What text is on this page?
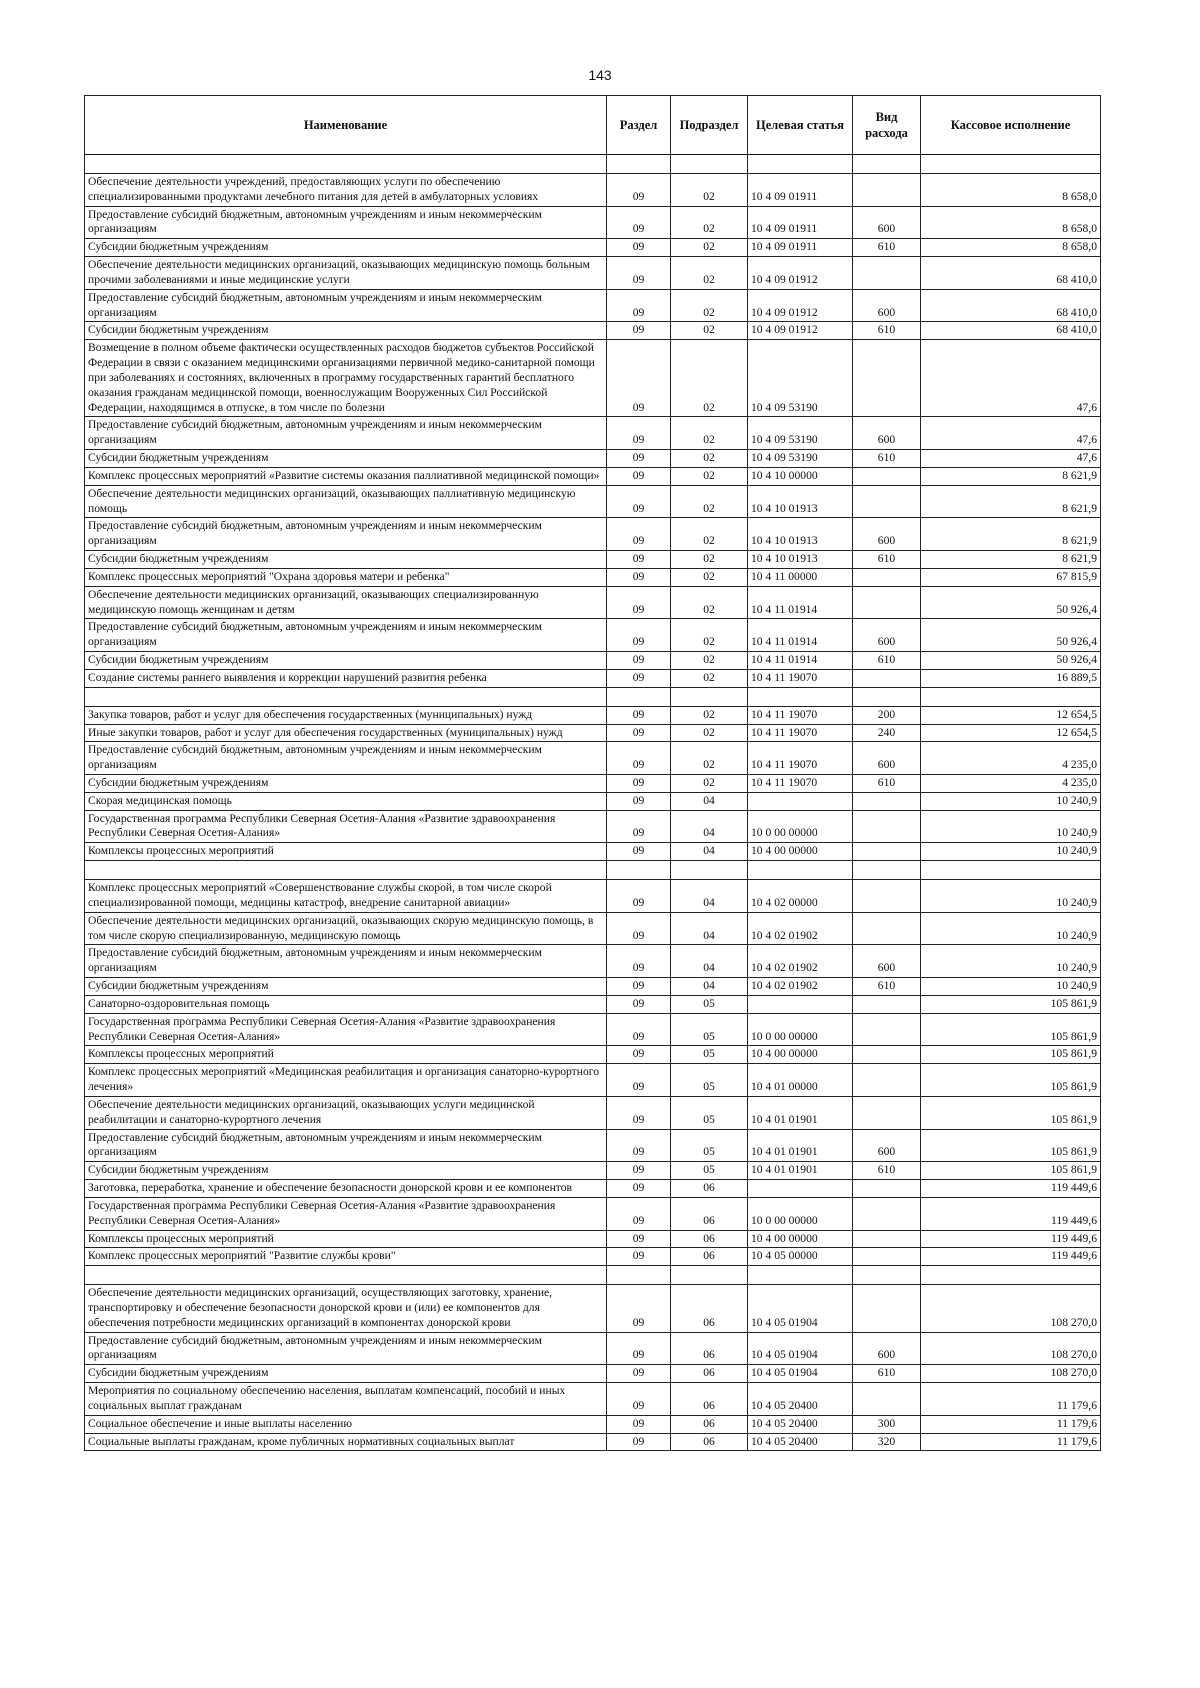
143
Наименование	Раздел	Подраздел	Целевая статья	Вид расхода	Кассовое исполнение

Обеспечение деятельности учреждений, предоставляющих услуги по обеспечению специализированными продуктами лечебного питания для детей в амбулаторных условиях	09	02	10 4 09 01911		8 658,0
Предоставление субсидий бюджетным, автономным учреждениям и иным некоммерческим организациям	09	02	10 4 09 01911	600	8 658,0
Субсидии бюджетным учреждениям	09	02	10 4 09 01911	610	8 658,0
Обеспечение деятельности медицинских организаций, оказывающих медицинскую помощь больным прочими заболеваниями и иные медицинские услуги	09	02	10 4 09 01912		68 410,0
Предоставление субсидий бюджетным, автономным учреждениям и иным некоммерческим организациям	09	02	10 4 09 01912	600	68 410,0
Субсидии бюджетным учреждениям	09	02	10 4 09 01912	610	68 410,0
Возмещение в полном объеме фактически осуществленных расходов бюджетов субъектов Российской Федерации в связи с оказанием медицинскими организациями первичной медико-санитарной помощи при заболеваниях и состояниях, включенных в программу государственных гарантий бесплатного оказания гражданам медицинской помощи, военнослужащим Вооруженных Сил Российской Федерации, находящимся в отпуске, в том числе по болезни	09	02	10 4 09 53190		47,6
Предоставление субсидий бюджетным, автономным учреждениям и иным некоммерческим организациям	09	02	10 4 09 53190	600	47,6
Субсидии бюджетным учреждениям	09	02	10 4 09 53190	610	47,6
Комплекс процессных мероприятий «Развитие системы оказания паллиативной медицинской помощи»	09	02	10 4 10 00000		8 621,9
Обеспечение деятельности медицинских организаций, оказывающих паллиативную медицинскую помощь	09	02	10 4 10 01913		8 621,9
Предоставление субсидий бюджетным, автономным учреждениям и иным некоммерческим организациям	09	02	10 4 10 01913	600	8 621,9
Субсидии бюджетным учреждениям	09	02	10 4 10 01913	610	8 621,9
Комплекс процессных мероприятий "Охрана здоровья матери и ребенка"	09	02	10 4 11 00000		67 815,9
Обеспечение деятельности медицинских организаций, оказывающих специализированную медицинскую помощь женщинам и детям	09	02	10 4 11 01914		50 926,4
Предоставление субсидий бюджетным, автономным учреждениям и иным некоммерческим организациям	09	02	10 4 11 01914	600	50 926,4
Субсидии бюджетным учреждениям	09	02	10 4 11 01914	610	50 926,4
Создание системы раннего выявления и коррекции нарушений развития ребенка	09	02	10 4 11 19070		16 889,5

Закупка товаров, работ и услуг для обеспечения государственных (муниципальных) нужд	09	02	10 4 11 19070	200	12 654,5
Иные закупки товаров, работ и услуг для обеспечения государственных (муниципальных) нужд	09	02	10 4 11 19070	240	12 654,5
Предоставление субсидий бюджетным, автономным учреждениям и иным некоммерческим организациям	09	02	10 4 11 19070	600	4 235,0
Субсидии бюджетным учреждениям	09	02	10 4 11 19070	610	4 235,0
Скорая медицинская помощь	09	04			10 240,9
Государственная программа Республики Северная Осетия-Алания «Развитие здравоохранения Республики Северная Осетия-Алания»	09	04	10 0 00 00000		10 240,9
Комплексы процессных мероприятий	09	04	10 4 00 00000		10 240,9

Комплекс процессных мероприятий «Совершенствование службы скорой, в том числе скорой специализированной помощи, медицины катастроф, внедрение санитарной авиации»	09	04	10 4 02 00000		10 240,9
Обеспечение деятельности медицинских организаций, оказывающих скорую медицинскую помощь, в том числе скорую специализированную, медицинскую помощь	09	04	10 4 02 01902		10 240,9
Предоставление субсидий бюджетным, автономным учреждениям и иным некоммерческим организациям	09	04	10 4 02 01902	600	10 240,9
Субсидии бюджетным учреждениям	09	04	10 4 02 01902	610	10 240,9
Санаторно-оздоровительная помощь	09	05			105 861,9
Государственная программа Республики Северная Осетия-Алания «Развитие здравоохранения Республики Северная Осетия-Алания»	09	05	10 0 00 00000		105 861,9
Комплексы процессных мероприятий	09	05	10 4 00 00000		105 861,9
Комплекс процессных мероприятий «Медицинская реабилитация и организация санаторно-курортного лечения»	09	05	10 4 01 00000		105 861,9
Обеспечение деятельности медицинских организаций, оказывающих услуги медицинской реабилитации и санаторно-курортного лечения	09	05	10 4 01 01901		105 861,9
Предоставление субсидий бюджетным, автономным учреждениям и иным некоммерческим организациям	09	05	10 4 01 01901	600	105 861,9
Субсидии бюджетным учреждениям	09	05	10 4 01 01901	610	105 861,9
Заготовка, переработка, хранение и обеспечение безопасности донорской крови и ее компонентов	09	06			119 449,6
Государственная программа Республики Северная Осетия-Алания «Развитие здравоохранения Республики Северная Осетия-Алания»	09	06	10 0 00 00000		119 449,6
Комплексы процессных мероприятий	09	06	10 4 00 00000		119 449,6
Комплекс процессных мероприятий "Развитие службы крови"	09	06	10 4 05 00000		119 449,6

Обеспечение деятельности медицинских организаций, осуществляющих заготовку, хранение, транспортировку и обеспечение безопасности донорской крови и (или) ее компонентов для обеспечения потребности медицинских организаций в компонентах донорской крови	09	06	10 4 05 01904		108 270,0
Предоставление субсидий бюджетным, автономным учреждениям и иным некоммерческим организациям	09	06	10 4 05 01904	600	108 270,0
Субсидии бюджетным учреждениям	09	06	10 4 05 01904	610	108 270,0
Мероприятия по социальному обеспечению населения, выплатам компенсаций, пособий и иных социальных выплат гражданам	09	06	10 4 05 20400		11 179,6
Социальное обеспечение и иные выплаты населению	09	06	10 4 05 20400	300	11 179,6
Социальные выплаты гражданам, кроме публичных нормативных социальных выплат	09	06	10 4 05 20400	320	11 179,6
